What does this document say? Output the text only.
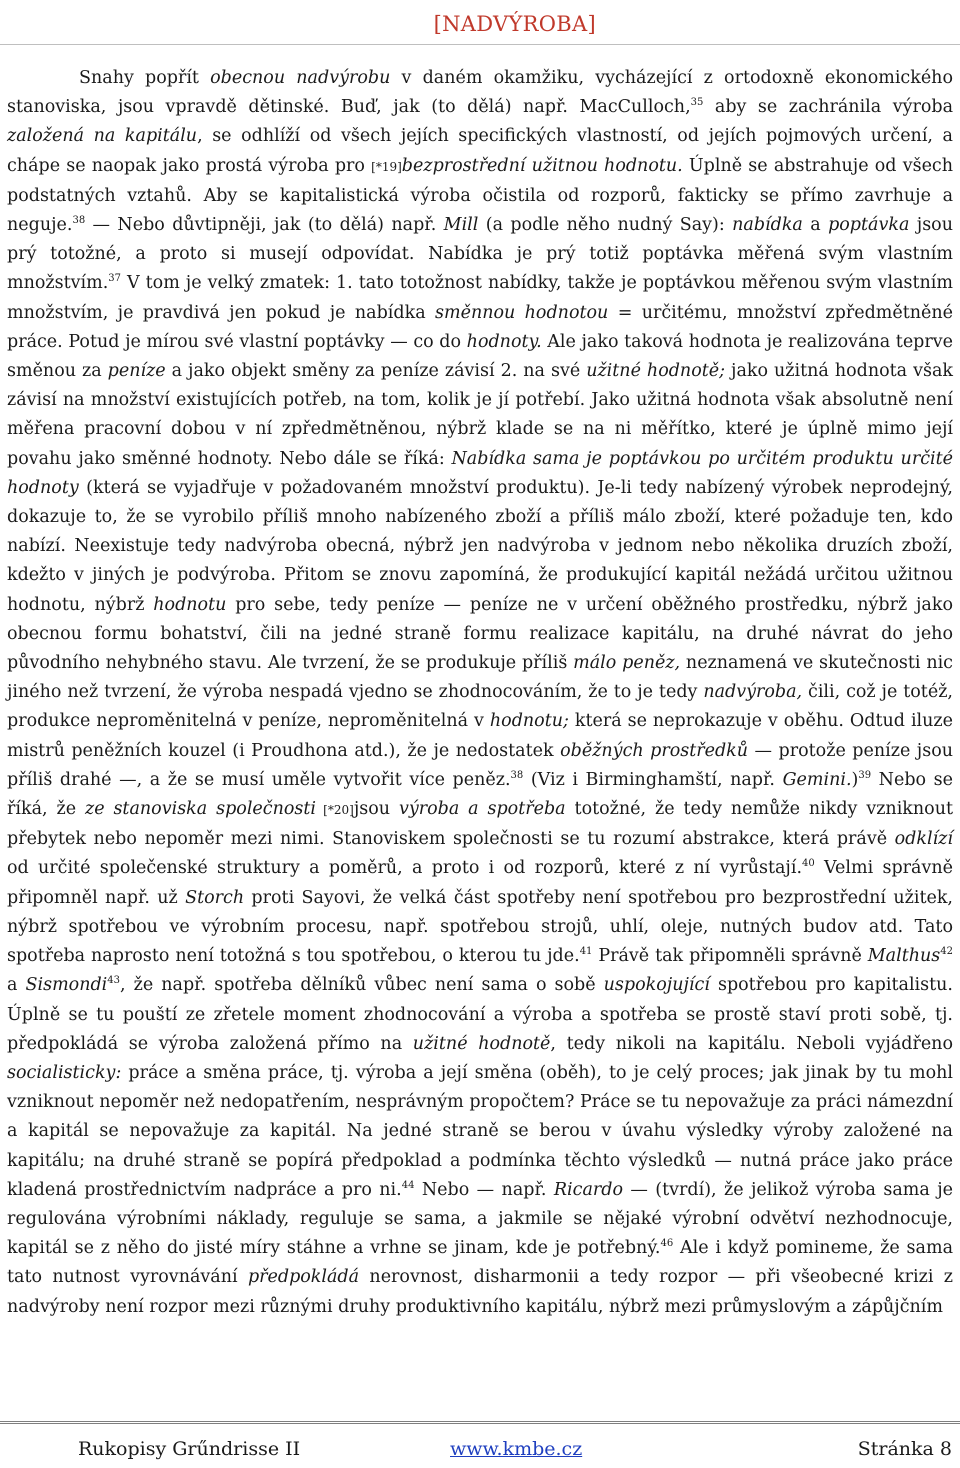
[NADVÝROBA]

Snahy popřít obecnou nadvýrobu v daném okamžiku, vycházející z ortodoxně ekonomického stanoviska, jsou vpravdě dětinské. Buď, jak (to dělá) např. MacCulloch,$^{35}$ aby se zachránila výroba založená na kapitálu, se odhlíží od všech jejích specifických vlastností, od jejích pojmových určení, a chápe se naopak jako prostá výroba pro [*19]bezprostřední užitnou hodnotu. Úplně se abstrahuje od všech podstatných vztahů. Aby se kapitalistická výroba očistila od rozporů, fakticky se přímo zavrhuje a neguje.$^{38}$ — Nebo důvtipněji, jak (to dělá) např. Mill (a podle něho nudný Say): nabídka a poptávka jsou prý totožné, a proto si musejí odpovídat. Nabídka je prý totiž poptávka měřená svým vlastním množstvím.$^{37}$ V tom je velký zmatek: 1. tato totožnost nabídky, takže je poptávkou měřenou svým vlastním množstvím, je pravdivá jen pokud je nabídka směnnou hodnotou = určitému, množství zpředmětněné práce. Potud je mírou své vlastní poptávky — co do hodnoty. Ale jako taková hodnota je realizována teprve směnou za peníze a jako objekt směny za peníze závisí 2. na své užitné hodnotě; jako užitná hodnota však závisí na množství existujících potřeb, na tom, kolik je jí potřebí. Jako užitná hodnota však absolutně není měřena pracovní dobou v ní zpředmětněnou, nýbrž klade se na ni měřítko, které je úplně mimo její povahu jako směnné hodnoty. Nebo dále se říká: Nabídka sama je poptávkou po určitém produktu určité hodnoty (která se vyjadřuje v požadovaném množství produktu). Je-li tedy nabízený výrobek neprodejný, dokazuje to, že se vyrobilo příliš mnoho nabízeného zboží a příliš málo zboží, které požaduje ten, kdo nabízí. Neexistuje tedy nadvýroba obecná, nýbrž jen nadvýroba v jednom nebo několika druzích zboží, kdežto v jiných je podvýroba. Přitom se znovu zapomíná, že produkující kapitál nežádá určitou užitnou hodnotu, nýbrž hodnotu pro sebe, tedy peníze — peníze ne v určení oběžného prostředku, nýbrž jako obecnou formu bohatství, čili na jedné straně formu realizace kapitálu, na druhé návrat do jeho původního nehybného stavu. Ale tvrzení, že se produkuje příliš málo peněz, neznamená ve skutečnosti nic jiného než tvrzení, že výroba nespadá vjedno se zhodnocováním, že to je tedy nadvýroba, čili, což je totéž, produkce neproměnitelná v peníze, neproměnitelná v hodnotu; která se neprokazuje v oběhu. Odtud iluze mistrů peněžních kouzel (i Proudhona atd.), že je nedostatek oběžných prostředků — protože peníze jsou příliš drahé —, a že se musí uměle vytvořit více peněz.$^{38}$ (Viz i Birminghamští, např. Gemini.)$^{39}$ Nebo se říká, že ze stanoviska společnosti [*20]jsou výroba a spotřeba totožné, že tedy nemůže nikdy vzniknout přebytek nebo nepoměr mezi nimi. Stanoviskem společnosti se tu rozumí abstrakce, která právě odklízí od určité společenské struktury a poměrů, a proto i od rozporů, které z ní vyrůstají.$^{40}$ Velmi správně připomněl např. už Storch proti Sayovi, že velká část spotřeby není spotřebou pro bezprostřední užitek, nýbrž spotřebou ve výrobním procesu, např. spotřebou strojů, uhlí, oleje, nutných budov atd. Tato spotřeba naprosto není totožná s tou spotřebou, o kterou tu jde.$^{41}$ Právě tak připomněli správně Malthus$^{42}$ a Sismondi$^{43}$, že např. spotřeba dělníků vůbec není sama o sobě uspokojující spotřebou pro kapitalistu. Úplně se tu pouští ze zřetele moment zhodnocování a výroba a spotřeba se prostě staví proti sobě, tj. předpokládá se výroba založená přímo na užitné hodnotě, tedy nikoli na kapitálu. Neboli vyjádřeno socialisticky: práce a směna práce, tj. výroba a její směna (oběh), to je celý proces; jak jinak by tu mohl vzniknout nepoměr než nedopatřením, nesprávným propočtem? Práce se tu nepovažuje za práci námezdní a kapitál se nepovažuje za kapitál. Na jedné straně se berou v úvahu výsledky výroby založené na kapitálu; na druhé straně se popírá předpoklad a podmínka těchto výsledků — nutná práce jako práce kladená prostřednictvím nadpráce a pro ni.$^{44}$ Nebo — např. Ricardo — (tvrdí), že jelikož výroba sama je regulována výrobními náklady, reguluje se sama, a jakmile se nějaké výrobní odvětví nezhodnocuje, kapitál se z něho do jisté míry stáhne a vrhne se jinam, kde je potřebný.$^{46}$ Ale i když pomineme, že sama tato nutnost vyrovnávání předpokládá nerovnost, disharmonii a tedy rozpor — při všeobecné krizi z nadvýroby není rozpor mezi různými druhy produktivního kapitálu, nýbrž mezi průmyslovým a zápůjčním

Rukopisy Grűndrisse II	www.kmbe.cz	Stránka 8
